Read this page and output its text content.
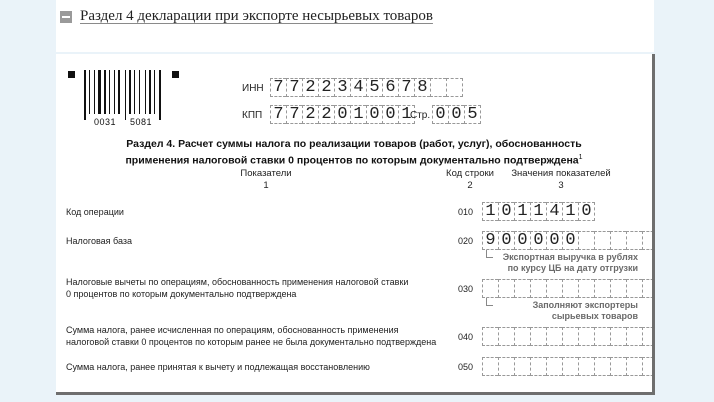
Раздел 4 декларации при экспорте несырьевых товаров
0031 5081
ИНН 7 7 2 2 3 4 5 6 7 8
КПП 7 7 2 2 0 1 0 0 1
Стр. 0 0 5
Раздел 4. Расчет суммы налога по реализации товаров (работ, услуг), обоснованность
применения налоговой ставки 0 процентов по которым документально подтверждена$^1$
Показатели
1
Код строки
2
Значения показателей
3
Код операции	010 1 0 1 1 4 1 0
Налоговая база	020 9 0 0 0 0 0
Экспортная выручка в рублях
по курсу ЦБ на дату отгрузки
Налоговые вычеты по операциям, обоснованность применения налоговой ставки
0 процентов по которым документально подтверждена	030
Заполняют экспортеры
сырьевых товаров
Сумма налога, ранее исчисленная по операциям, обоснованность применения
налоговой ставки 0 процентов по которым ранее не была документально подтверждена 040
Сумма налога, ранее принятая к вычету и подлежащая восстановлению	050
